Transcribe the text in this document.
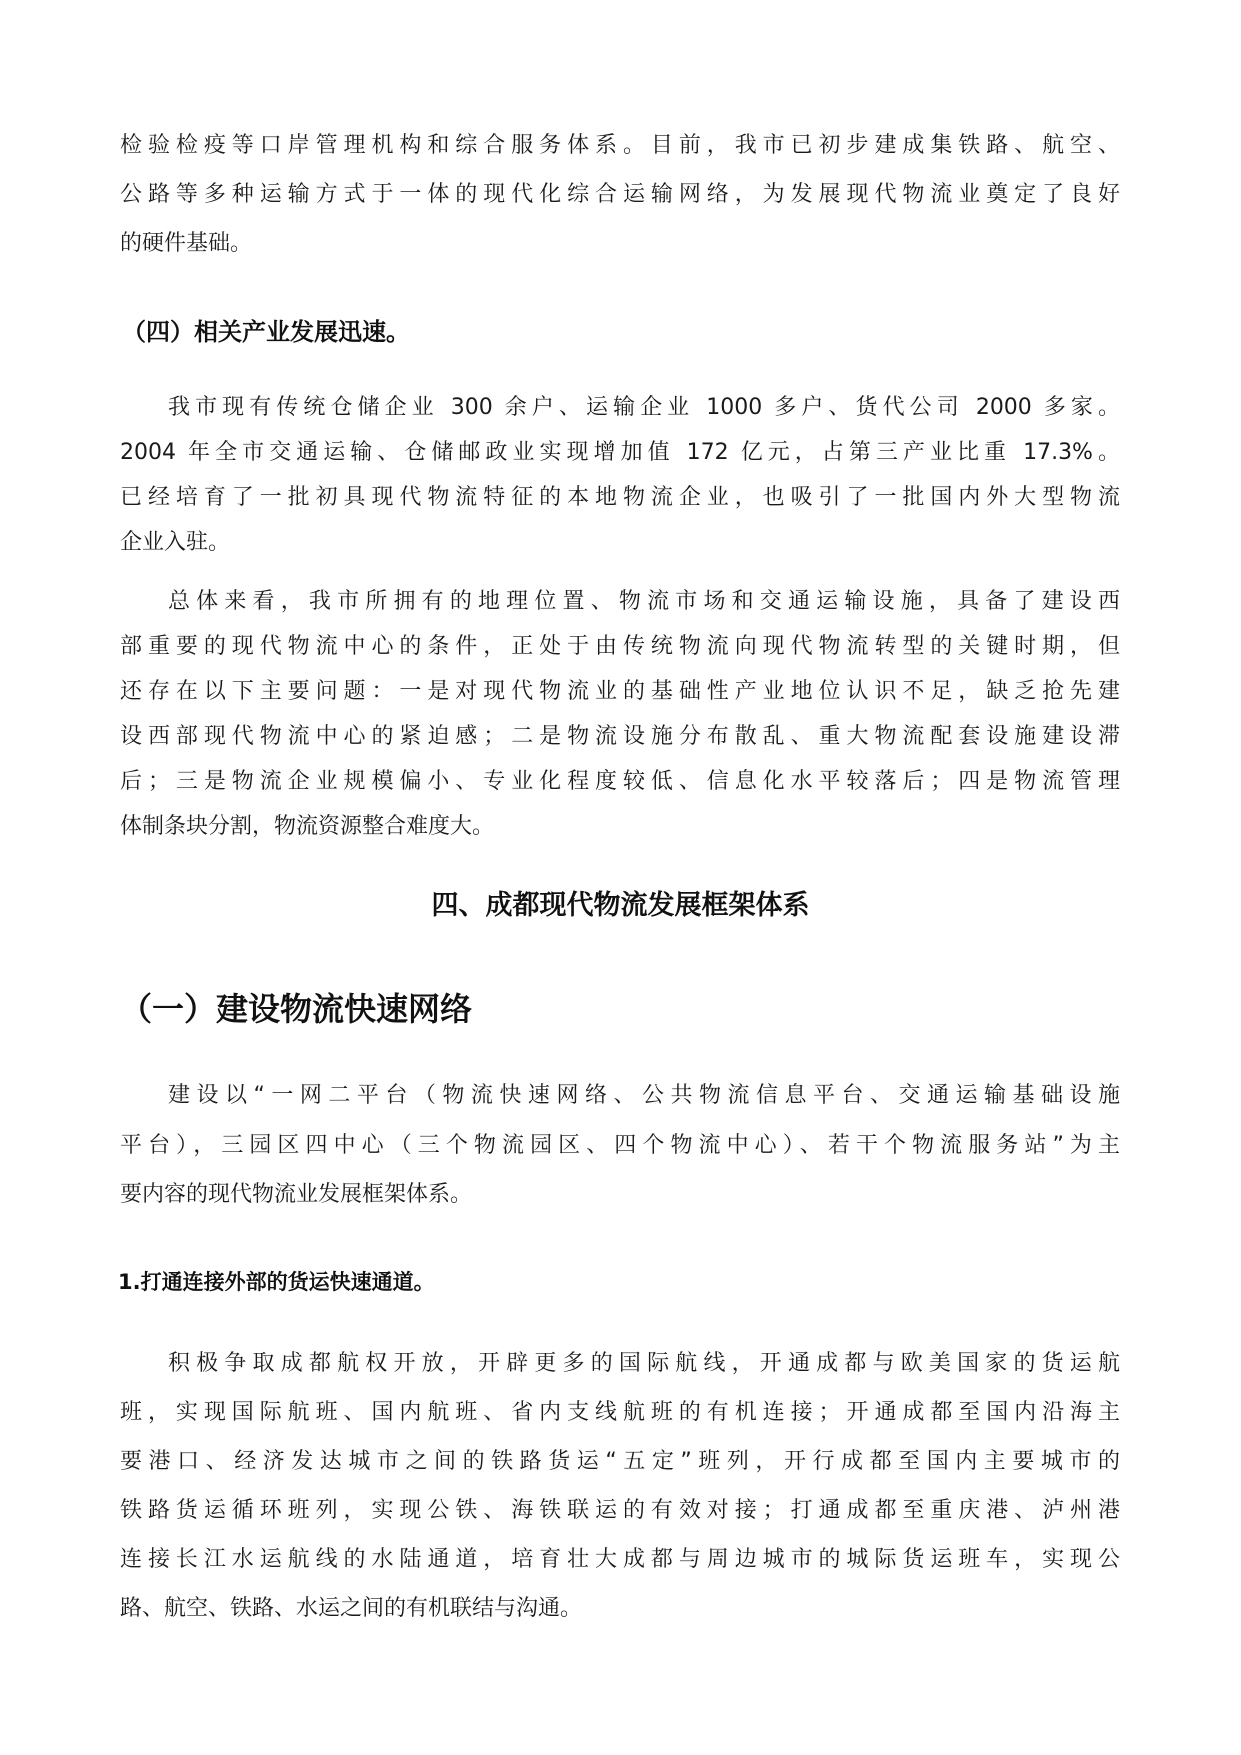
检验检疫等口岸管理机构和综合服务体系。目前，我市已初步建成集铁路、航空、
公路等多种运输方式于一体的现代化综合运输网络，为发展现代物流业奠定了良好
的硬件基础。
（四）相关产业发展迅速。
我市现有传统仓储企业 300 余户、运输企业 1000 多户、货代公司 2000 多家。
2004 年全市交通运输、仓储邮政业实现增加值 172 亿元，占第三产业比重 17.3%。
已经培育了一批初具现代物流特征的本地物流企业，也吸引了一批国内外大型物流
企业入驻。
总体来看，我市所拥有的地理位置、物流市场和交通运输设施，具备了建设西
部重要的现代物流中心的条件，正处于由传统物流向现代物流转型的关键时期，但
还存在以下主要问题：一是对现代物流业的基础性产业地位认识不足，缺乏抢先建
设西部现代物流中心的紧迫感；二是物流设施分布散乱、重大物流配套设施建设滞
后；三是物流企业规模偏小、专业化程度较低、信息化水平较落后；四是物流管理
体制条块分割，物流资源整合难度大。
四、成都现代物流发展框架体系
（一）建设物流快速网络
建设以“一网二平台（物流快速网络、公共物流信息平台、交通运输基础设施
平台），三园区四中心（三个物流园区、四个物流中心）、若干个物流服务站”为主
要内容的现代物流业发展框架体系。
1.打通连接外部的货运快速通道。
积极争取成都航权开放，开辟更多的国际航线，开通成都与欧美国家的货运航
班，实现国际航班、国内航班、省内支线航班的有机连接；开通成都至国内沿海主
要港口、经济发达城市之间的铁路货运“五定”班列，开行成都至国内主要城市的
铁路货运循环班列，实现公铁、海铁联运的有效对接；打通成都至重庆港、泸州港
连接长江水运航线的水陆通道，培育壮大成都与周边城市的城际货运班车，实现公
路、航空、铁路、水运之间的有机联结与沟通。
